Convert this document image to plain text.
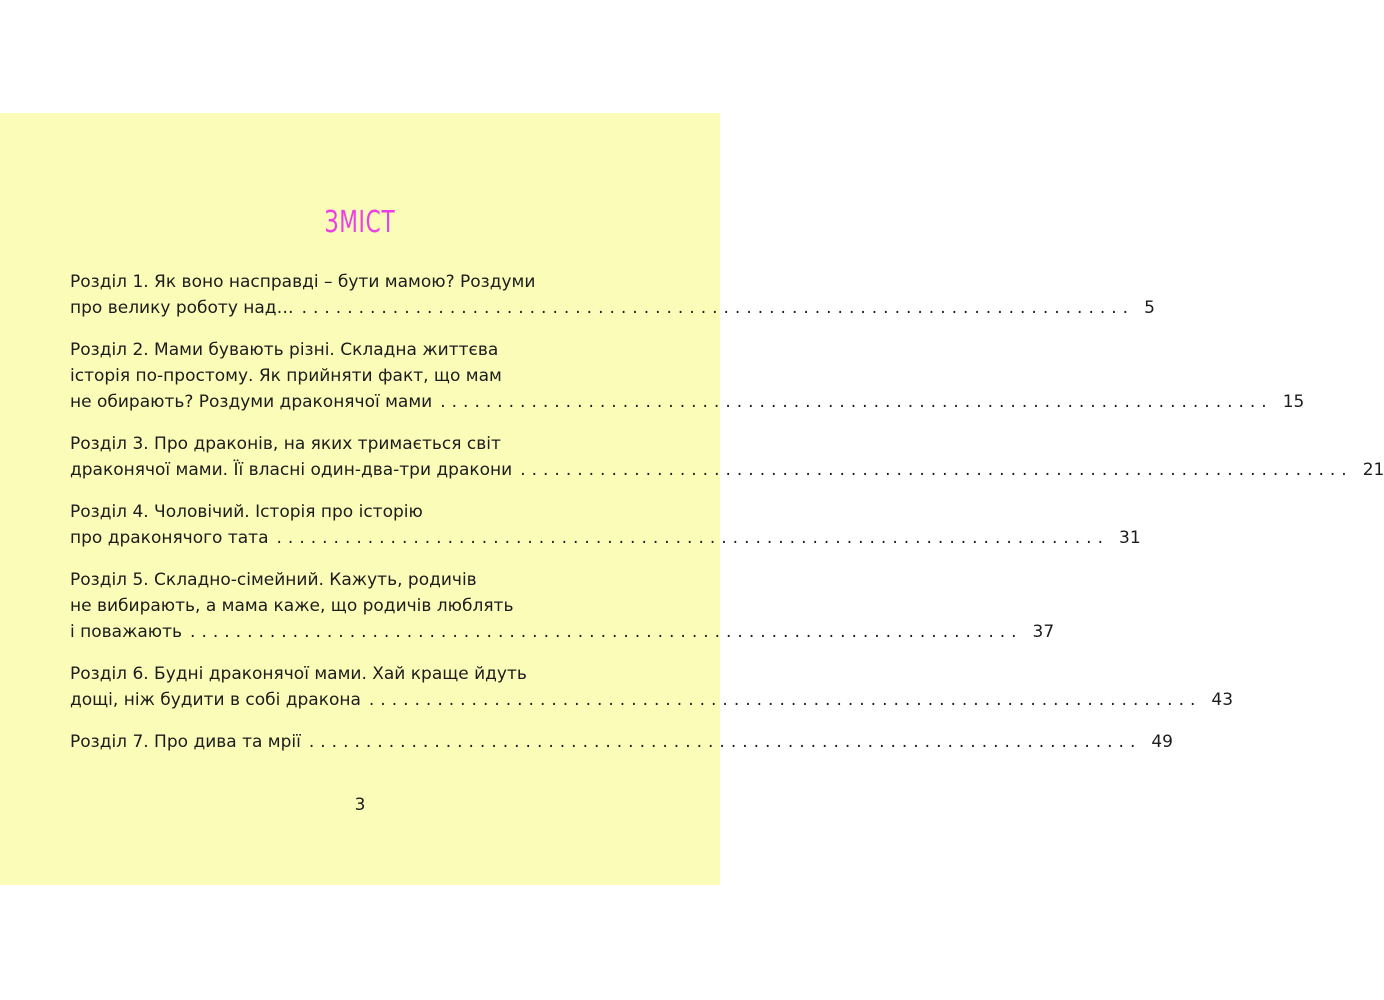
ЗМІСТ
Розділ 1. Як воно насправді – бути мамою? Роздуми
про велику роботу над… ......................................................................... 5
Розділ 2. Мами бувають різні. Складна життєва
історія по-простому. Як прийняти факт, що мам
не обирають? Роздуми драконячої мами ......................................................................... 15
Розділ 3. Про драконів, на яких тримається світ
драконячої мами. Її власні один-два-три дракони ......................................................................... 21
Розділ 4. Чоловічий. Історія про історію
про драконячого тата ......................................................................... 31
Розділ 5. Складно-сімейний. Кажуть, родичів
не вибирають, а мама каже, що родичів люблять
і поважають ......................................................................... 37
Розділ 6. Будні драконячої мами. Хай краще йдуть
дощі, ніж будити в собі дракона ......................................................................... 43
Розділ 7. Про дива та мрії ......................................................................... 49
3
